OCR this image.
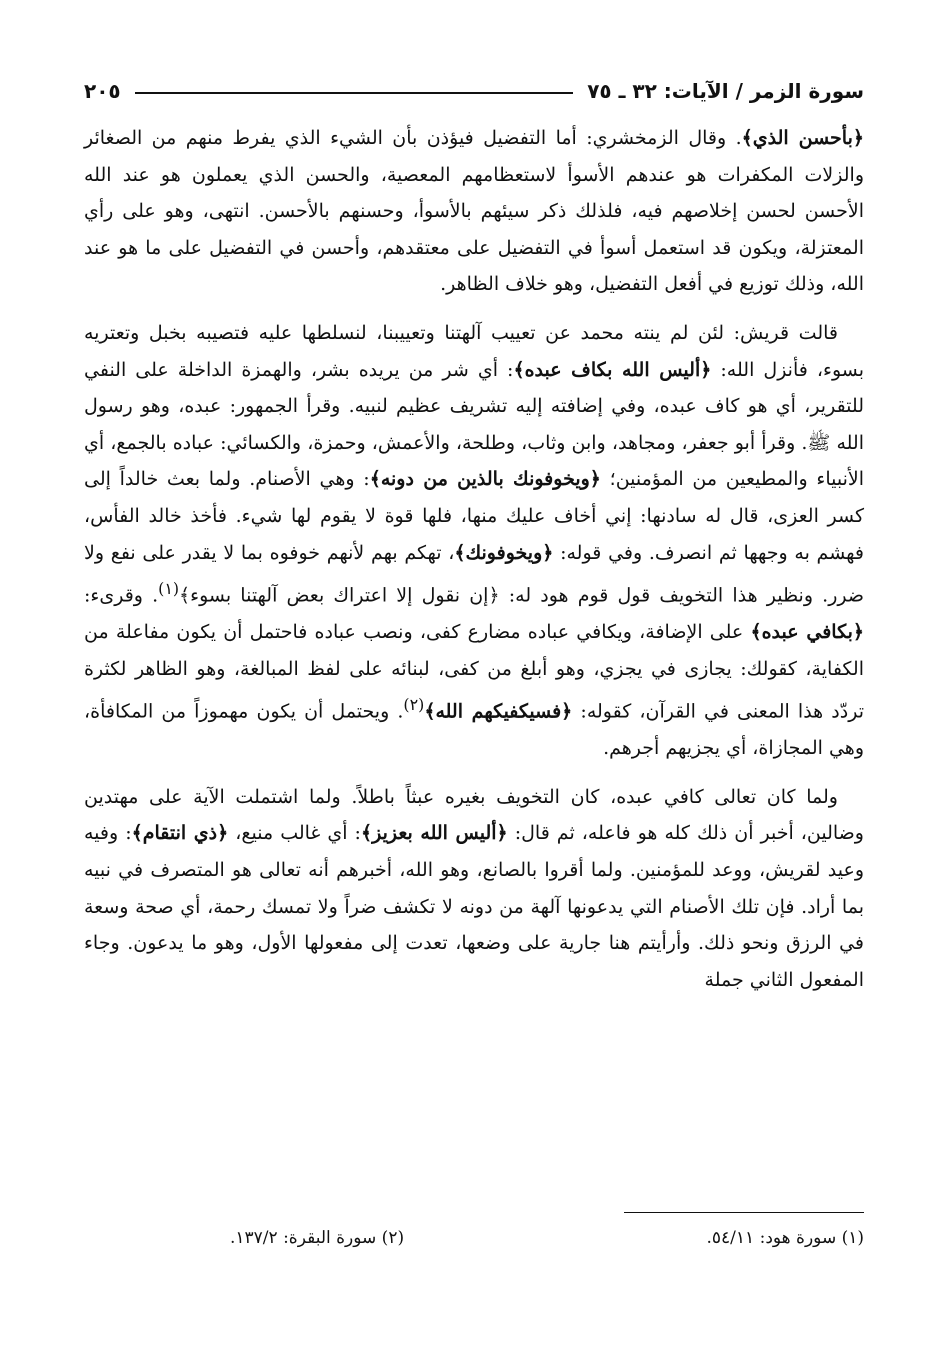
سورة الزمر / الآيات: ٣٢ ـ ٧٥
٢٠٥

﴿بأحسن الذي﴾. وقال الزمخشري: أما التفضيل فيؤذن بأن الشيء الذي يفرط منهم من الصغائر والزلات المكفرات هو عندهم الأسوأ لاستعظامهم المعصية، والحسن الذي يعملون هو عند الله الأحسن لحسن إخلاصهم فيه، فلذلك ذكر سيئهم بالأسوأ، وحسنهم بالأحسن. انتهى، وهو على رأي المعتزلة، ويكون قد استعمل أسوأ في التفضيل على معتقدهم، وأحسن في التفضيل على ما هو عند الله، وذلك توزيع في أفعل التفضيل، وهو خلاف الظاهر.

قالت قريش: لئن لم ينته محمد عن تعييب آلهتنا وتعييبنا، لنسلطها عليه فتصيبه بخبل وتعتريه بسوء، فأنزل الله: ﴿أليس الله بكاف عبده﴾: أي شر من يريده بشر، والهمزة الداخلة على النفي للتقرير، أي هو كاف عبده، وفي إضافته إليه تشريف عظيم لنبيه. وقرأ الجمهور: عبده، وهو رسول الله ﷺ. وقرأ أبو جعفر، ومجاهد، وابن وثاب، وطلحة، والأعمش، وحمزة، والكسائي: عباده بالجمع، أي الأنبياء والمطيعين من المؤمنين؛ ﴿ويخوفونك بالذين من دونه﴾: وهي الأصنام. ولما بعث خالداً إلى كسر العزى، قال له سادنها: إني أخاف عليك منها، فلها قوة لا يقوم لها شيء. فأخذ خالد الفأس، فهشم به وجهها ثم انصرف. وفي قوله: ﴿ويخوفونك﴾، تهكم بهم لأنهم خوفوه بما لا يقدر على نفع ولا ضرر. ونظير هذا التخويف قول قوم هود له: ﴿إن نقول إلا اعتراك بعض آلهتنا بسوء﴾$^{(١)}$. وقرىء: ﴿بكافي عبده﴾ على الإضافة، ويكافي عباده مضارع كفى، ونصب عباده فاحتمل أن يكون مفاعلة من الكفاية، كقولك: يجازى في يجزي، وهو أبلغ من كفى، لبنائه على لفظ المبالغة، وهو الظاهر لكثرة تردّد هذا المعنى في القرآن، كقوله: ﴿فسيكفيكهم الله﴾$^{(٢)}$. ويحتمل أن يكون مهموزاً من المكافأة، وهي المجازاة، أي يجزيهم أجرهم.

ولما كان تعالى كافي عبده، كان التخويف بغيره عبثاً باطلاً. ولما اشتملت الآية على مهتدين وضالين، أخبر أن ذلك كله هو فاعله، ثم قال: ﴿أليس الله بعزيز﴾: أي غالب منيع، ﴿ذي انتقام﴾: وفيه وعيد لقريش، ووعد للمؤمنين. ولما أقروا بالصانع، وهو الله، أخبرهم أنه تعالى هو المتصرف في نبيه بما أراد. فإن تلك الأصنام التي يدعونها آلهة من دونه لا تكشف ضراً ولا تمسك رحمة، أي صحة وسعة في الرزق ونحو ذلك. وأرأيتم هنا جارية على وضعها، تعدت إلى مفعولها الأول، وهو ما يدعون. وجاء المفعول الثاني جملة

(١) سورة هود: ٥٤/١١.
(٢) سورة البقرة: ١٣٧/٢.
